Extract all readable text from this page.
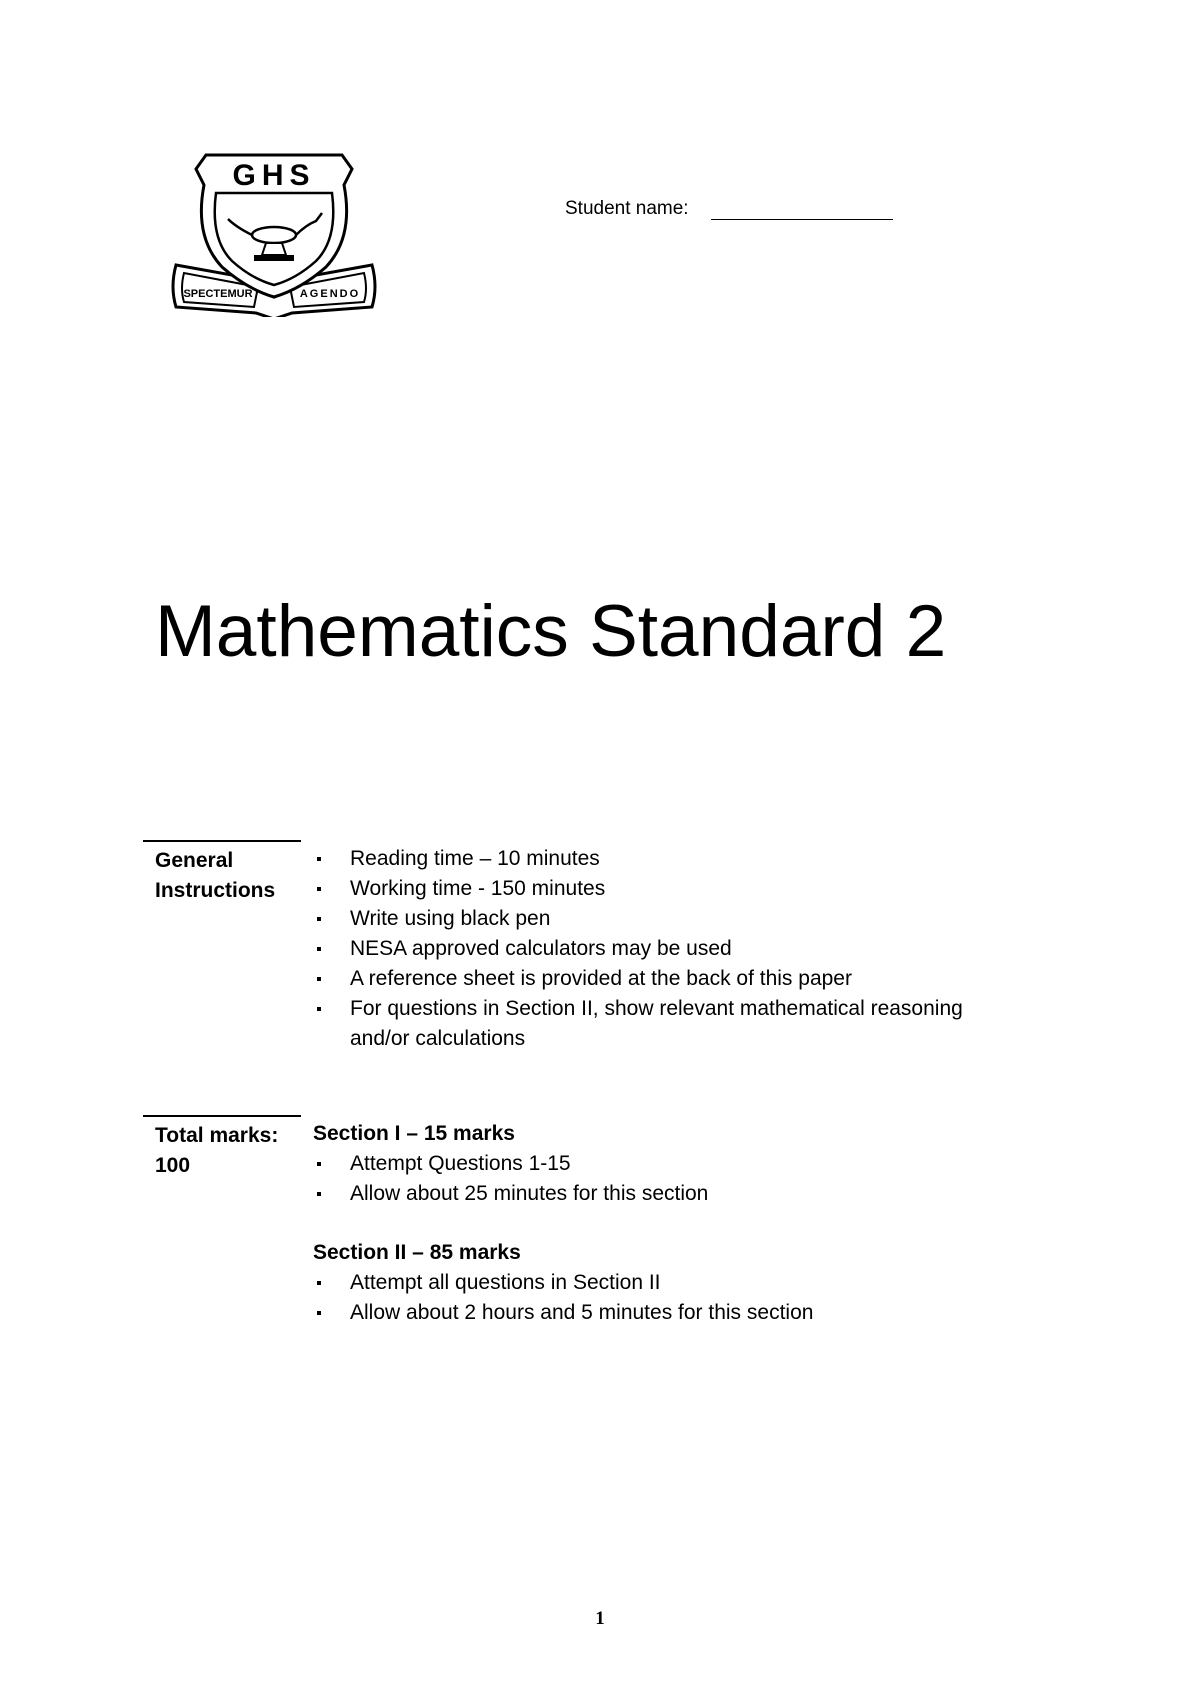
GHS
SPECTEMUR	AGENDO
Student name:
Mathematics Standard 2
General
Instructions
Reading time – 10 minutes
Working time - 150 minutes
Write using black pen
NESA approved calculators may be used
A reference sheet is provided at the back of this paper
For questions in Section II, show relevant mathematical reasoning and/or calculations
Total marks:
100
Section I – 15 marks
Attempt Questions 1-15
Allow about 25 minutes for this section
Section II – 85 marks
Attempt all questions in Section II
Allow about 2 hours and 5 minutes for this section
1
